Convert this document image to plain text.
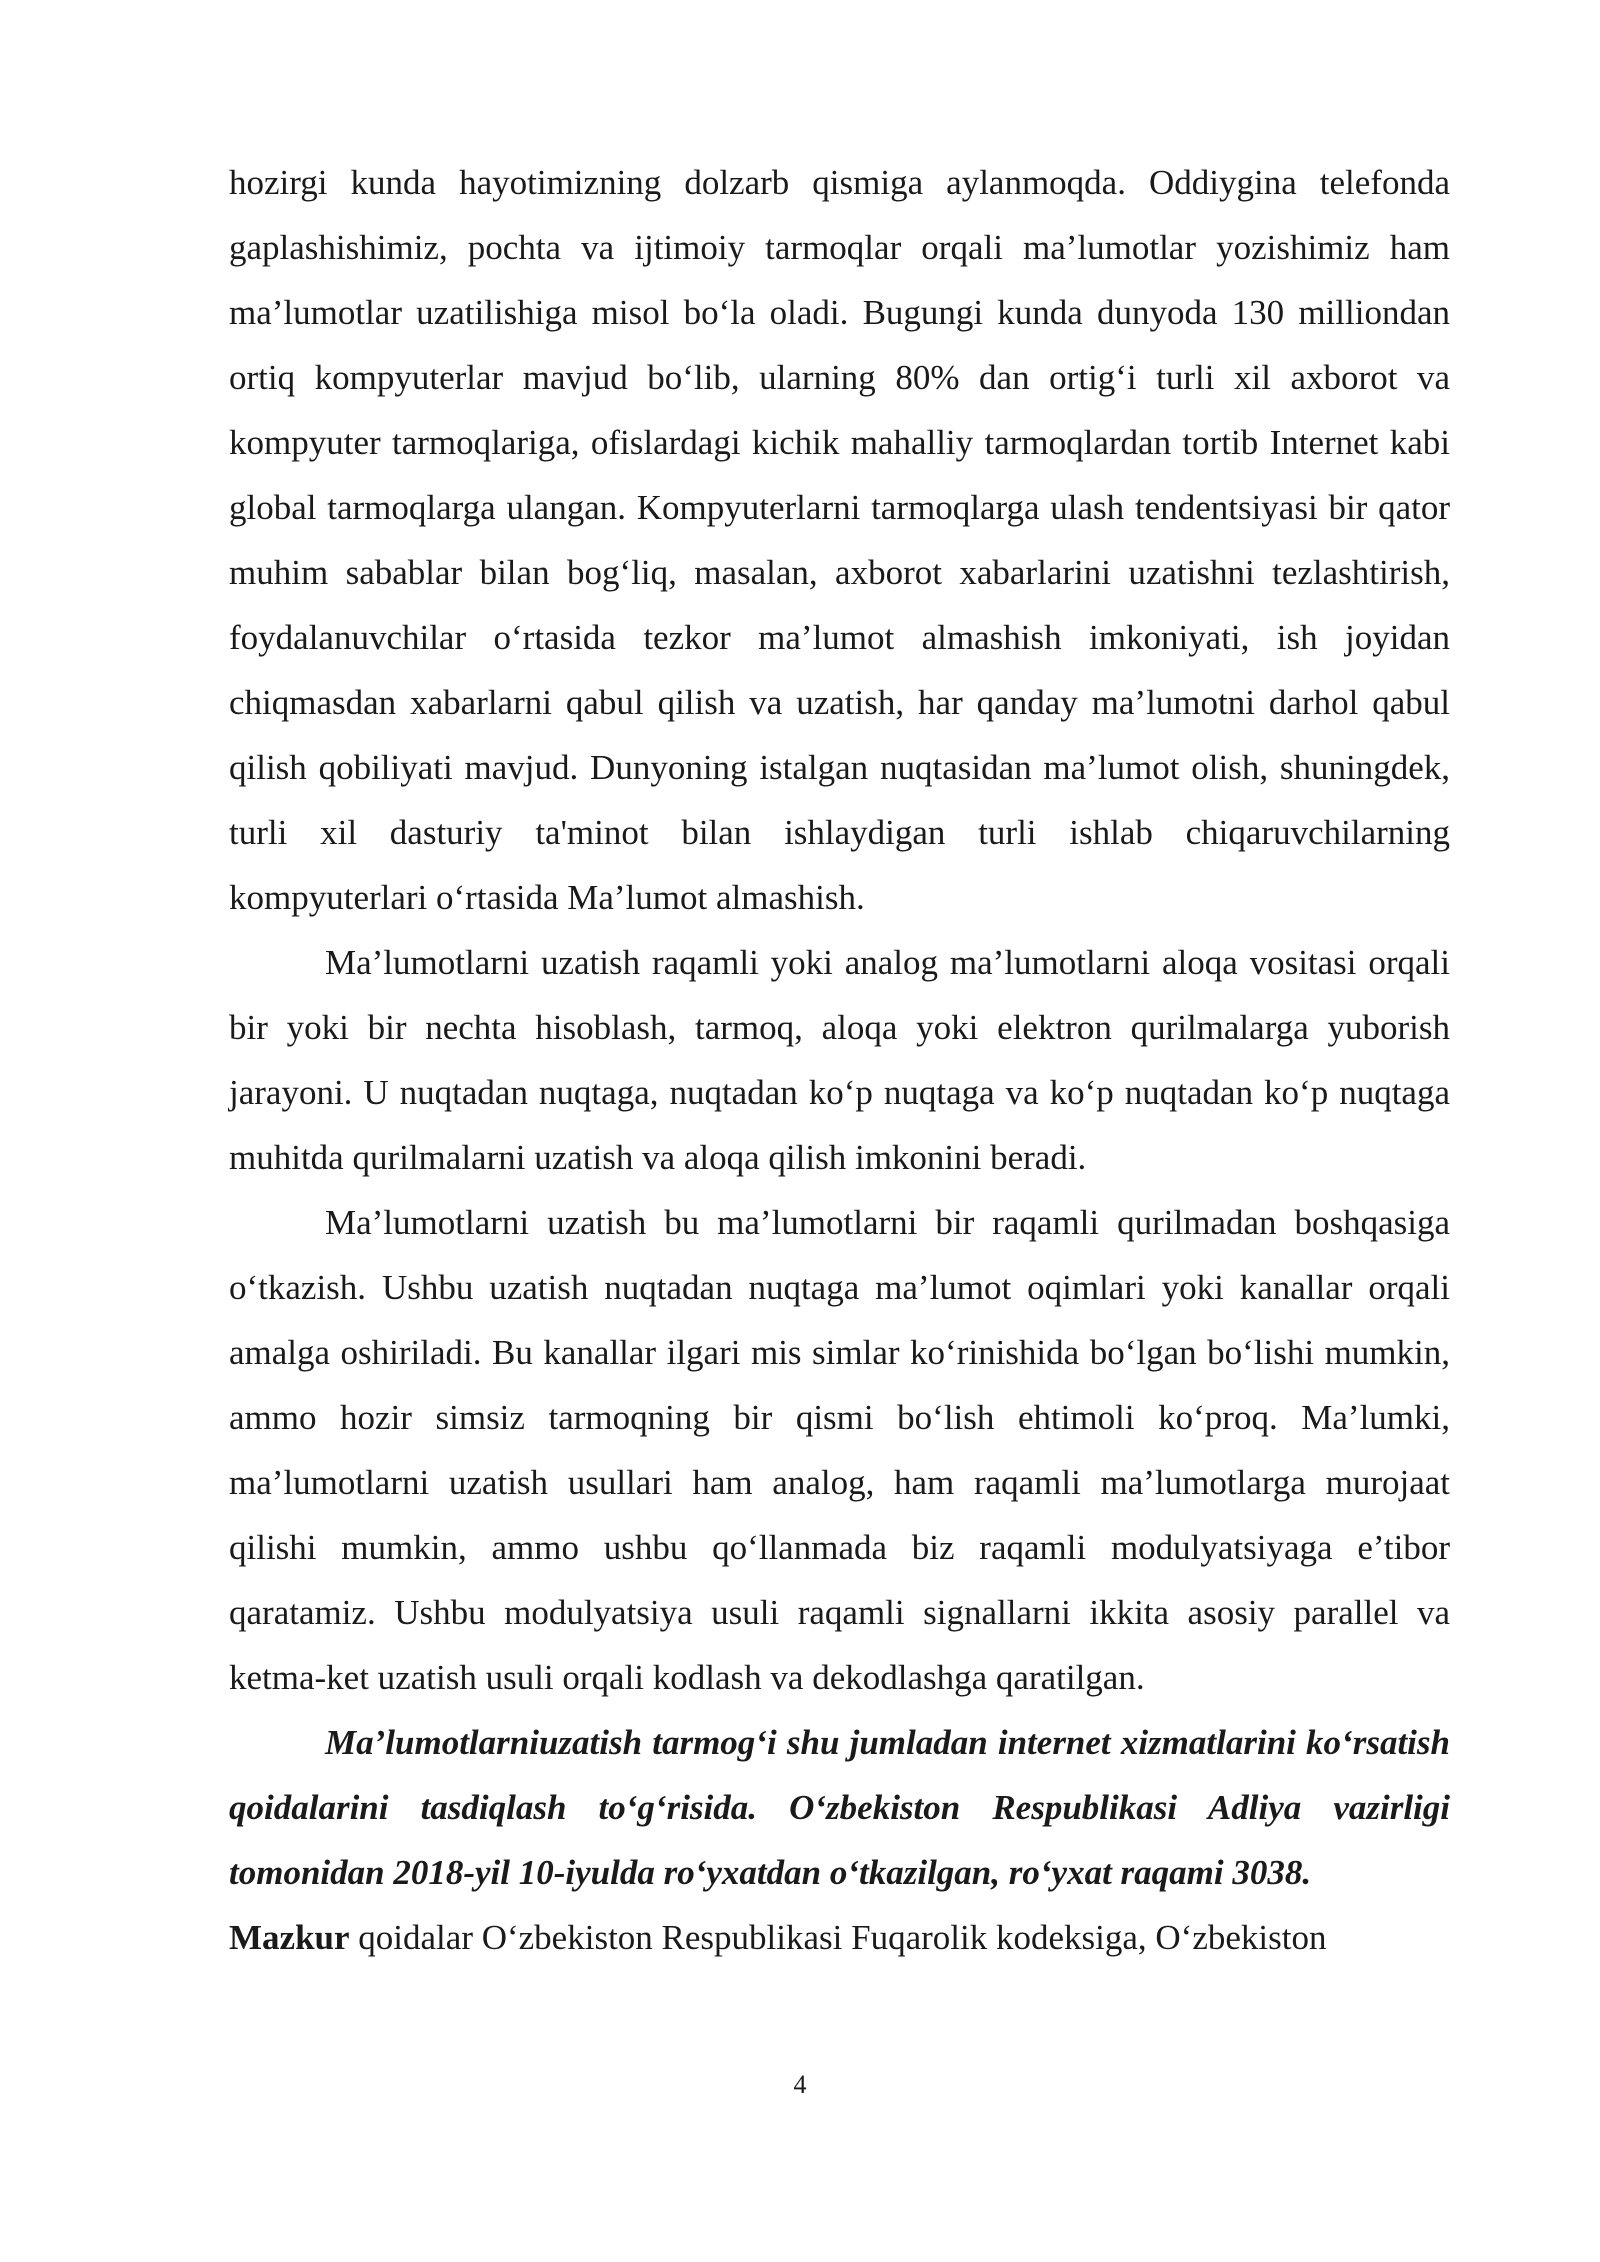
hozirgi kunda hayotimizning dolzarb qismiga aylanmoqda. Oddiygina telefonda gaplashishimiz, pochta va ijtimoiy tarmoqlar orqali ma’lumotlar yozishimiz ham ma’lumotlar uzatilishiga misol bo‘la oladi. Bugungi kunda dunyoda 130 milliondan ortiq kompyuterlar mavjud bo‘lib, ularning 80% dan ortig‘i turli xil axborot va kompyuter tarmoqlariga, ofislardagi kichik mahalliy tarmoqlardan tortib Internet kabi global tarmoqlarga ulangan. Kompyuterlarni tarmoqlarga ulash tendentsiyasi bir qator muhim sabablar bilan bog‘liq, masalan, axborot xabarlarini uzatishni tezlashtirish, foydalanuvchilar o‘rtasida tezkor ma’lumot almashish imkoniyati, ish joyidan chiqmasdan xabarlarni qabul qilish va uzatish, har qanday ma’lumotni darhol qabul qilish qobiliyati mavjud. Dunyoning istalgan nuqtasidan ma’lumot olish, shuningdek, turli xil dasturiy ta'minot bilan ishlaydigan turli ishlab chiqaruvchilarning kompyuterlari o‘rtasida Ma’lumot almashish.

Ma’lumotlarni uzatish raqamli yoki analog ma’lumotlarni aloqa vositasi orqali bir yoki bir nechta hisoblash, tarmoq, aloqa yoki elektron qurilmalarga yuborish jarayoni. U nuqtadan nuqtaga, nuqtadan ko‘p nuqtaga va ko‘p nuqtadan ko‘p nuqtaga muhitda qurilmalarni uzatish va aloqa qilish imkonini beradi.

Ma’lumotlarni uzatish bu ma’lumotlarni bir raqamli qurilmadan boshqasiga o‘tkazish. Ushbu uzatish nuqtadan nuqtaga ma’lumot oqimlari yoki kanallar orqali amalga oshiriladi. Bu kanallar ilgari mis simlar ko‘rinishida bo‘lgan bo‘lishi mumkin, ammo hozir simsiz tarmoqning bir qismi bo‘lish ehtimoli ko‘proq. Ma’lumki, ma’lumotlarni uzatish usullari ham analog, ham raqamli ma’lumotlarga murojaat qilishi mumkin, ammo ushbu qo‘llanmada biz raqamli modulyatsiyaga e’tibor qaratamiz. Ushbu modulyatsiya usuli raqamli signallarni ikkita asosiy parallel va ketma-ket uzatish usuli orqali kodlash va dekodlashga qaratilgan.

Ma’lumotlarniuzatish tarmog‘i shu jumladan internet xizmatlarini ko‘rsatish qoidalarini tasdiqlash to‘g‘risida. O‘zbekiston Respublikasi Adliya vazirligi tomonidan 2018-yil 10-iyulda ro‘yxatdan o‘tkazilgan, ro‘yxat raqami 3038.

Mazkur qoidalar O‘zbekiston Respublikasi Fuqarolik kodeksiga, O‘zbekiston

4
